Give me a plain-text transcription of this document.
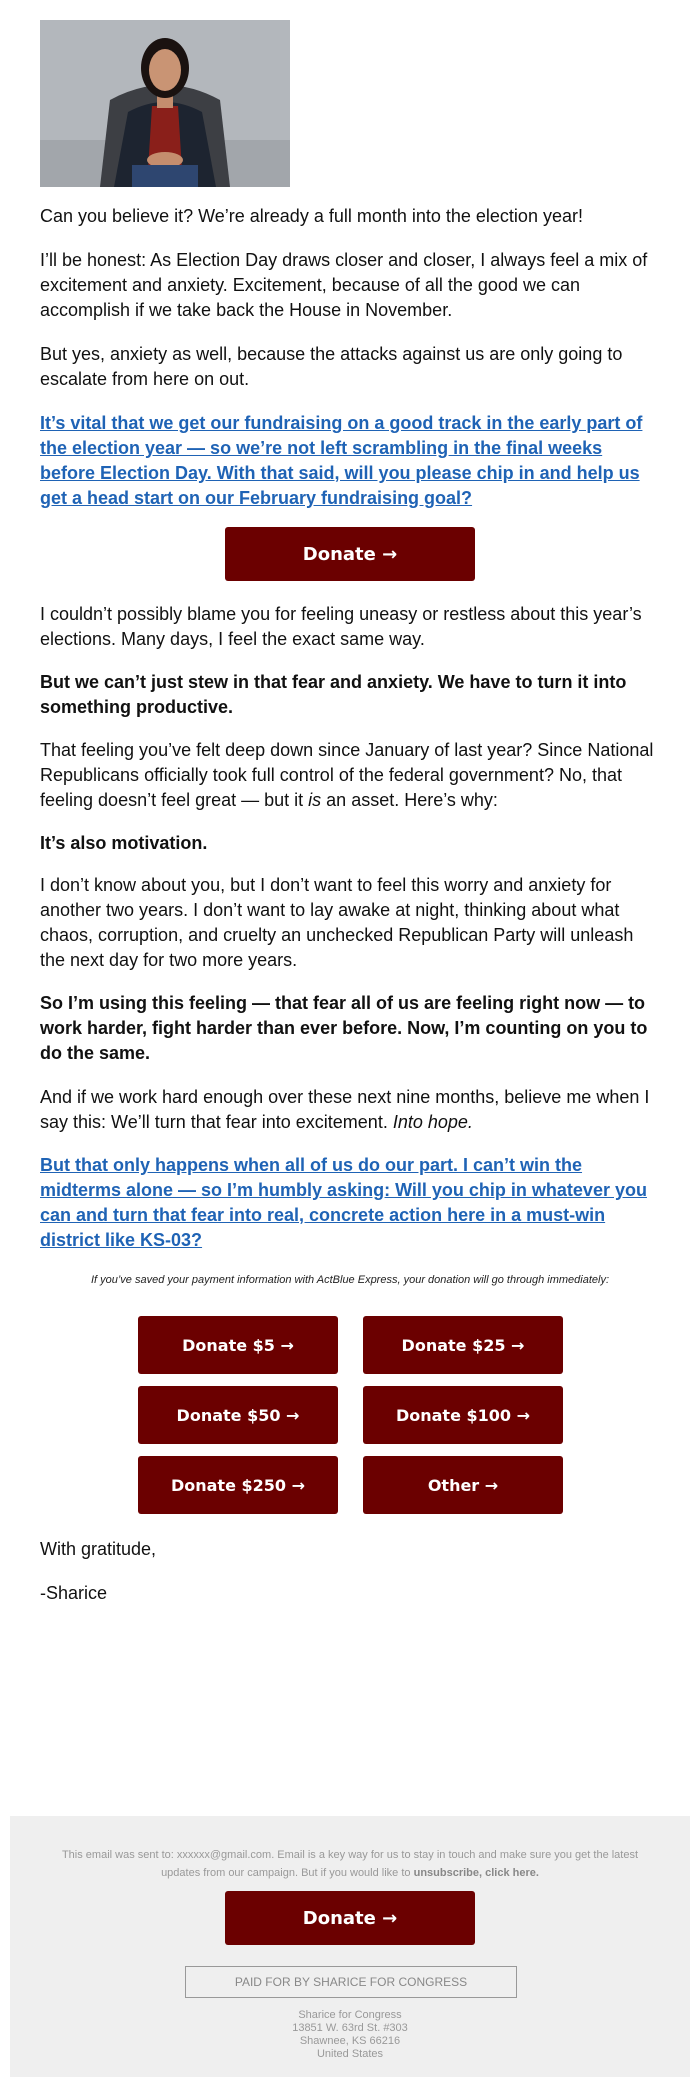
Can you believe it? We’re already a full month into the election year!

I’ll be honest: As Election Day draws closer and closer, I always feel a mix of excitement and anxiety. Excitement, because of all the good we can accomplish if we take back the House in November.

But yes, anxiety as well, because the attacks against us are only going to escalate from here on out.

It’s vital that we get our fundraising on a good track in the early part of the election year — so we’re not left scrambling in the final weeks before Election Day. With that said, will you please chip in and help us get a head start on our February fundraising goal?

Donate →

I couldn’t possibly blame you for feeling uneasy or restless about this year’s elections. Many days, I feel the exact same way.

But we can’t just stew in that fear and anxiety. We have to turn it into something productive.

That feeling you’ve felt deep down since January of last year? Since National Republicans officially took full control of the federal government? No, that feeling doesn’t feel great — but it is an asset. Here’s why:

It’s also motivation.

I don’t know about you, but I don’t want to feel this worry and anxiety for another two years. I don’t want to lay awake at night, thinking about what chaos, corruption, and cruelty an unchecked Republican Party will unleash the next day for two more years.

So I’m using this feeling — that fear all of us are feeling right now — to work harder, fight harder than ever before. Now, I’m counting on you to do the same.

And if we work hard enough over these next nine months, believe me when I say this: We’ll turn that fear into excitement. Into hope.

But that only happens when all of us do our part. I can’t win the midterms alone — so I’m humbly asking: Will you chip in whatever you can and turn that fear into real, concrete action here in a must-win district like KS-03?

If you’ve saved your payment information with ActBlue Express, your donation will go through immediately:
Donate $5 →	Donate $25 →
Donate $50 →	Donate $100 →
Donate $250 →	Other →

With gratitude,

-Sharice

This email was sent to: xxxxxx@gmail.com. Email is a key way for us to stay in touch and make sure you get the latest updates from our campaign. But if you would like to unsubscribe, click here.
Donate →
PAID FOR BY SHARICE FOR CONGRESS
Sharice for Congress
13851 W. 63rd St. #303
Shawnee, KS 66216
United States
